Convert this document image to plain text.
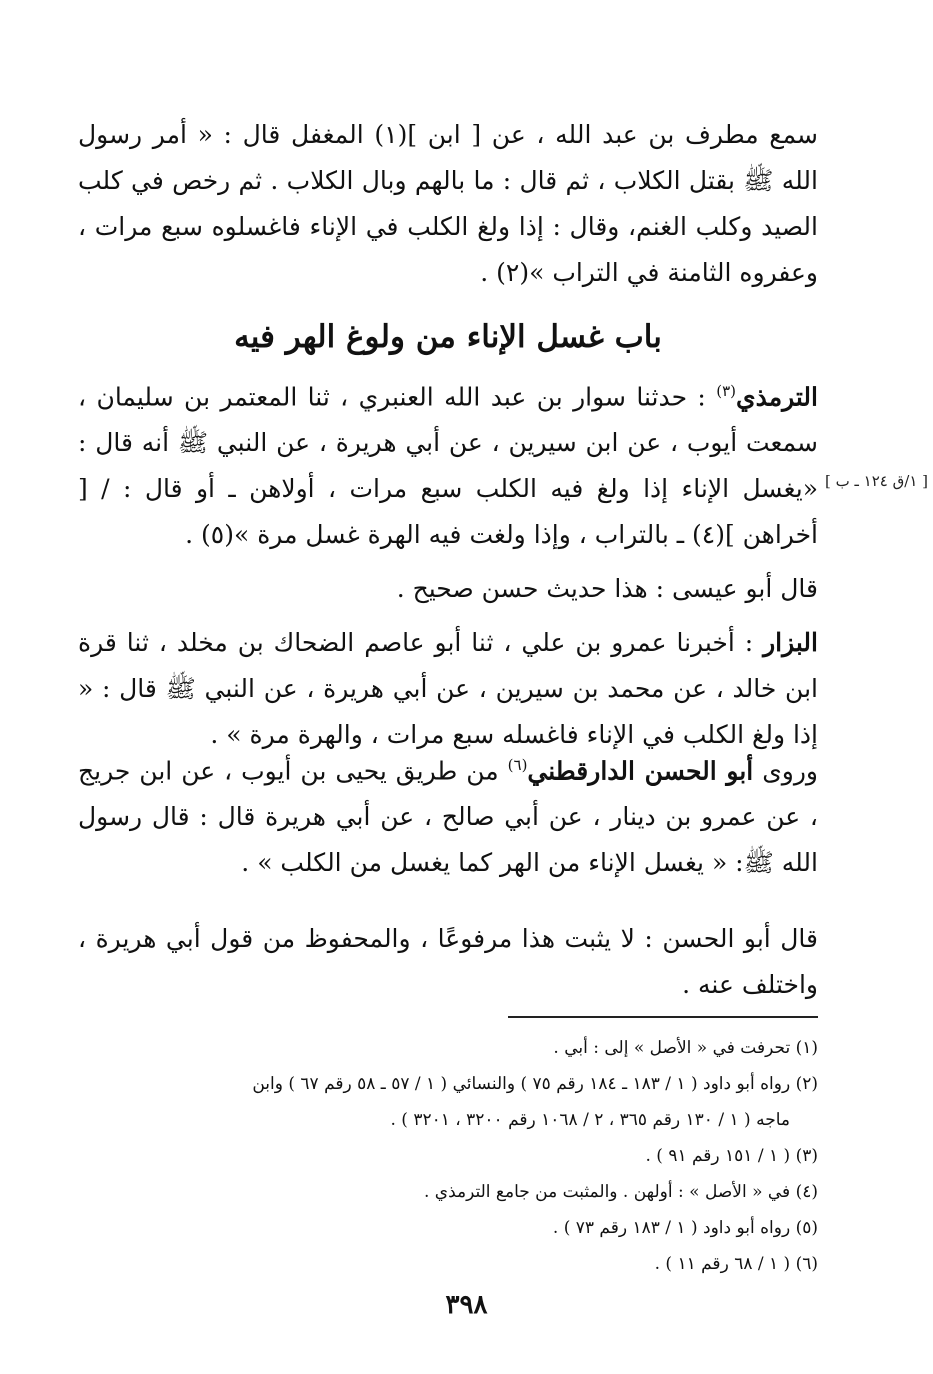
سمع مطرف بن عبد الله ، عن [ ابن ](١) المغفل قال : « أمر رسول الله ﷺ بقتل الكلاب ، ثم قال : ما بالهم وبال الكلاب . ثم رخص في كلب الصيد وكلب الغنم، وقال : إذا ولغ الكلب في الإناء فاغسلوه سبع مرات ، وعفروه الثامنة في التراب »(٢) .
باب غسل الإناء من ولوغ الهر فيه
[ ١/ق ١٢٤ ـ ب ]
الترمذي$^{(٣)}$ : حدثنا سوار بن عبد الله العنبري ، ثنا المعتمر بن سليمان ، سمعت أيوب ، عن ابن سيرين ، عن أبي هريرة ، عن النبي ﷺ أنه قال : «يغسل الإناء إذا ولغ فيه الكلب سبع مرات ، أولاهن ـ أو قال : / [ أخراهن ](٤) ـ بالتراب ، وإذا ولغت فيه الهرة غسل مرة »(٥) .
قال أبو عيسى : هذا حديث حسن صحيح .
البزار : أخبرنا عمرو بن علي ، ثنا أبو عاصم الضحاك بن مخلد ، ثنا قرة ابن خالد ، عن محمد بن سيرين ، عن أبي هريرة ، عن النبي ﷺ قال : « إذا ولغ الكلب في الإناء فاغسله سبع مرات ، والهرة مرة » .
وروى أبو الحسن الدارقطني$^{(٦)}$ من طريق يحيى بن أيوب ، عن ابن جريج ، عن عمرو بن دينار ، عن أبي صالح ، عن أبي هريرة قال : قال رسول الله ﷺ: « يغسل الإناء من الهر كما يغسل من الكلب » .
قال أبو الحسن : لا يثبت هذا مرفوعًا ، والمحفوظ من قول أبي هريرة ، واختلف عنه .

(١) تحرفت في « الأصل » إلى : أبي .

(٢) رواه أبو داود ( ١ / ١٨٣ ـ ١٨٤ رقم ٧٥ ) والنسائي ( ١ / ٥٧ ـ ٥٨ رقم ٦٧ ) وابن

ماجه ( ١ / ١٣٠ رقم ٣٦٥ ، ٢ / ١٠٦٨ رقم ٣٢٠٠ ، ٣٢٠١ ) .

(٣) ( ١ / ١٥١ رقم ٩١ ) .

(٤) في « الأصل » : أولهن . والمثبت من جامع الترمذي .

(٥) رواه أبو داود ( ١ / ١٨٣ رقم ٧٣ ) .

(٦) ( ١ / ٦٨ رقم ١١ ) .

٣٩٨
